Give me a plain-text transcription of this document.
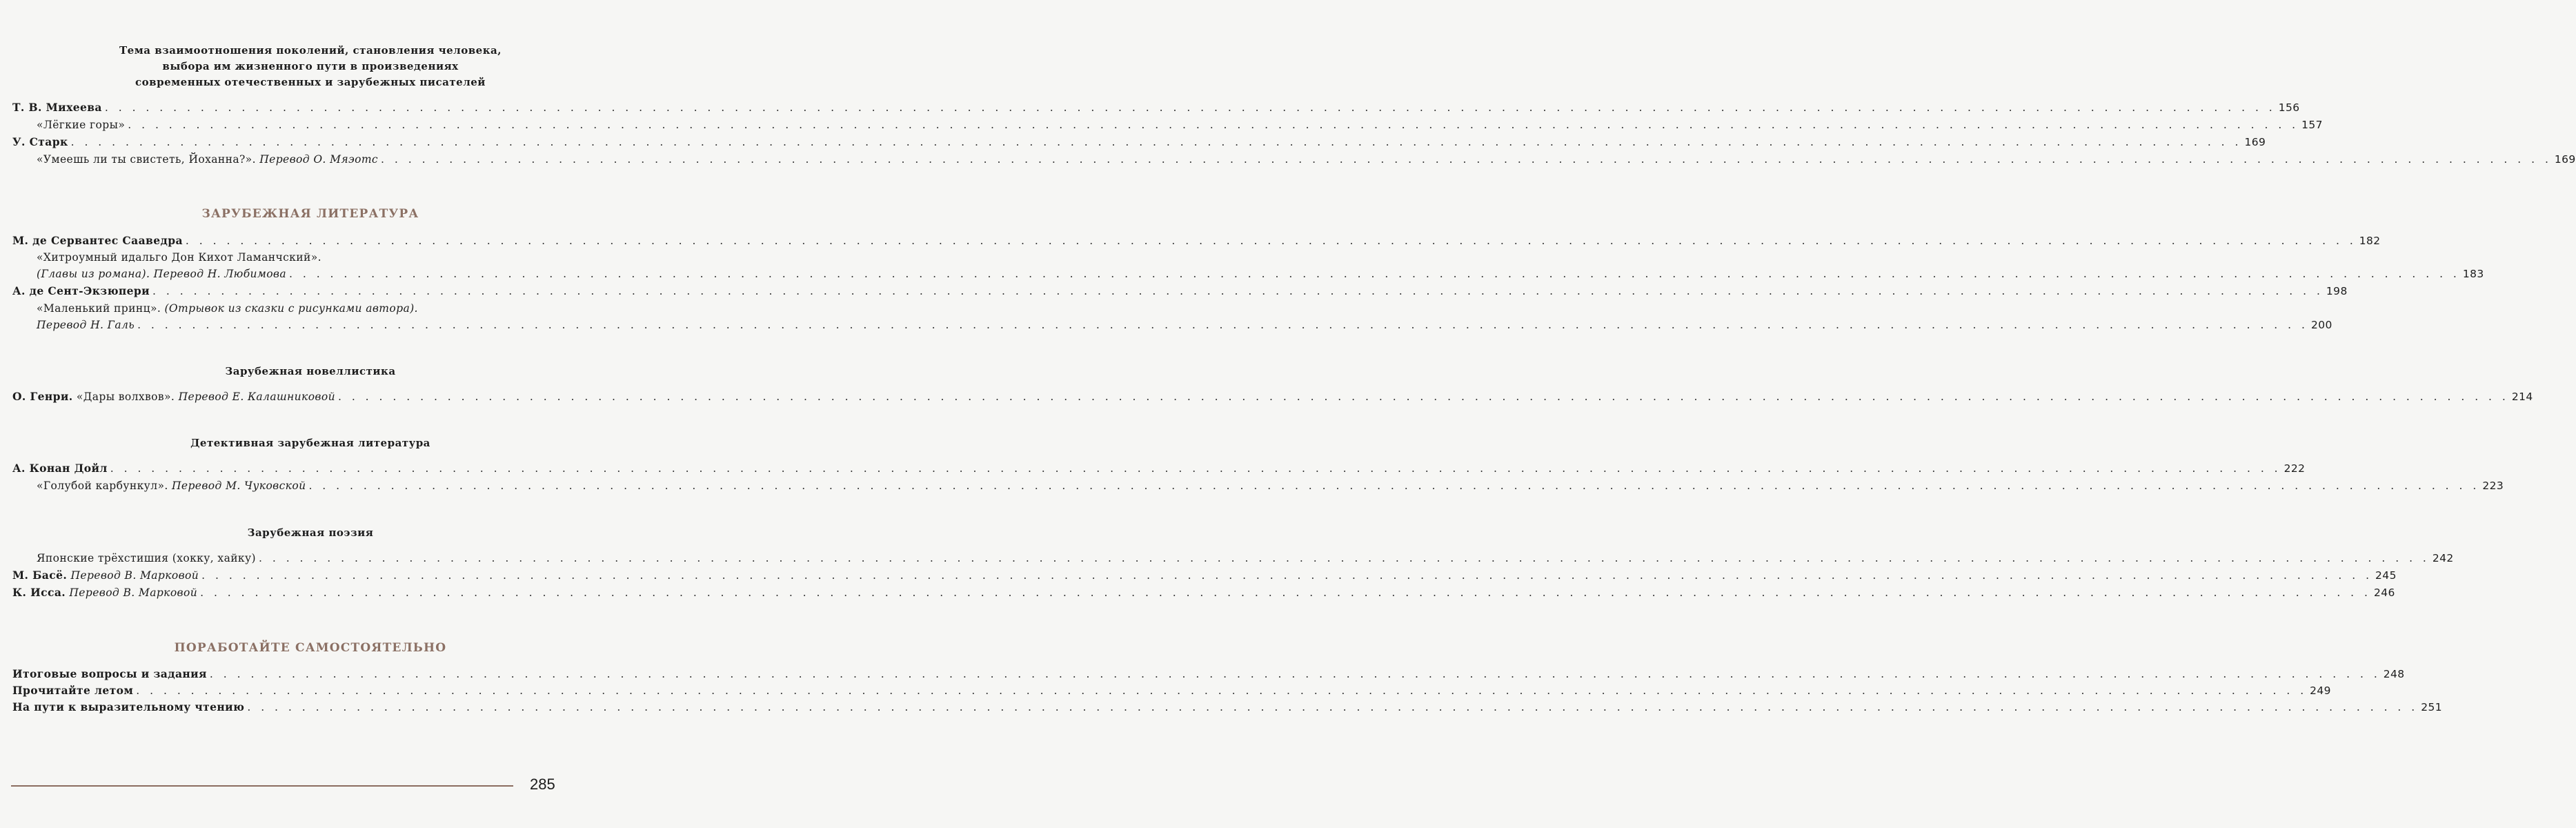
Тема взаимоотношения поколений, становления человека,
выбора им жизненного пути в произведениях
современных отечественных и зарубежных писателей
Т. В. Михеева . . .	156
«Лёгкие горы» . . .	157
У. Старк . . .	169
«Умеешь ли ты свистеть, Йоханна?». Перевод О. Мяэотс . . .	169
ЗАРУБЕЖНАЯ ЛИТЕРАТУРА
М. де Сервантес Сааведра . . .	182
«Хитроумный идальго Дон Кихот Ламанчский».
(Главы из романа). Перевод Н. Любимова . . .	183
А. де Сент-Экзюпери . . .	198
«Маленький принц». (Отрывок из сказки с рисунками автора).
Перевод Н. Галь . . .	200
Зарубежная новеллистика
О. Генри. «Дары волхвов». Перевод Е. Калашниковой . . .	214
Детективная зарубежная литература
А. Конан Дойл . . .	222
«Голубой карбункул». Перевод М. Чуковской . . .	223
Зарубежная поэзия
Японские трёхстишия (хокку, хайку) . . .	242
М. Басё. Перевод В. Марковой . . .	245
К. Исса. Перевод В. Марковой . . .	246
ПОРАБОТАЙТЕ САМОСТОЯТЕЛЬНО
Итоговые вопросы и задания . . .	248
Прочитайте летом . . .	249
На пути к выразительному чтению . . .	251
285
